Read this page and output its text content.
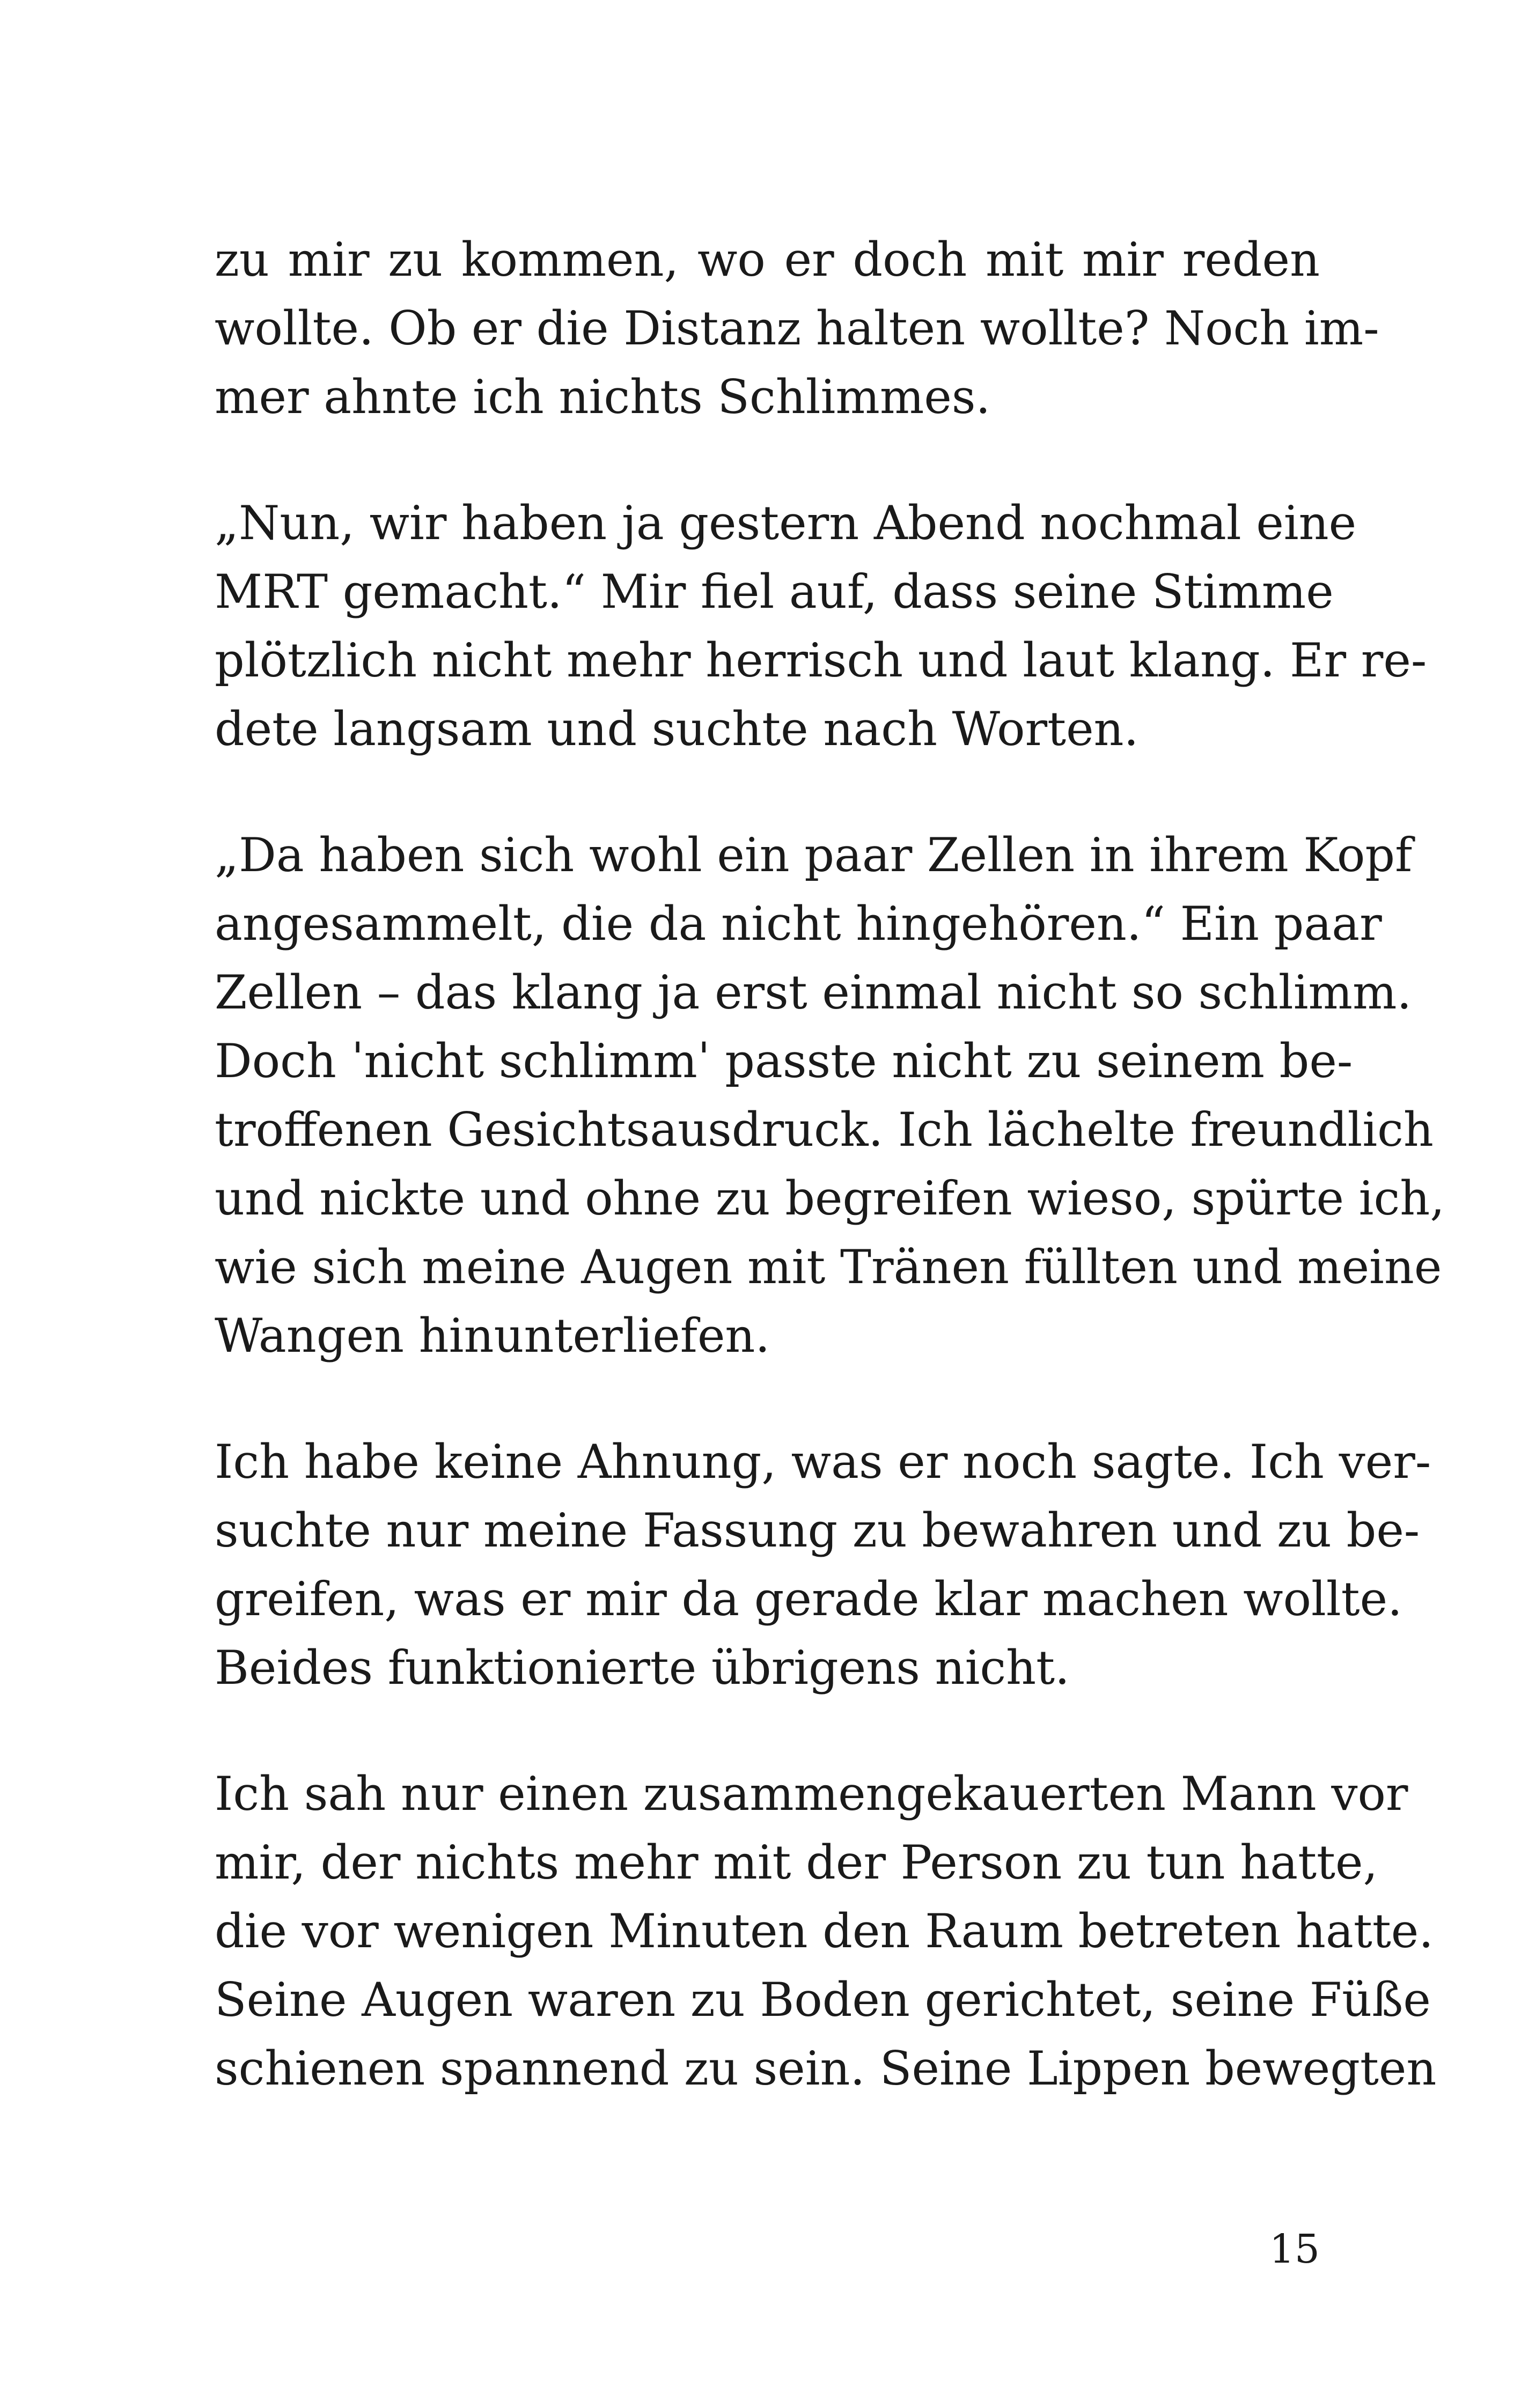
zu mir zu kommen, wo er doch mit mir reden
wollte. Ob er die Distanz halten wollte? Noch im-
mer ahnte ich nichts Schlimmes.
„Nun, wir haben ja gestern Abend nochmal eine
MRT gemacht.“ Mir fiel auf, dass seine Stimme
plötzlich nicht mehr herrisch und laut klang. Er re-
dete langsam und suchte nach Worten.
„Da haben sich wohl ein paar Zellen in ihrem Kopf
angesammelt, die da nicht hingehören.“ Ein paar
Zellen – das klang ja erst einmal nicht so schlimm.
Doch ˈnicht schlimmˈ passte nicht zu seinem be-
troffenen Gesichtsausdruck. Ich lächelte freundlich
und nickte und ohne zu begreifen wieso, spürte ich,
wie sich meine Augen mit Tränen füllten und meine
Wangen hinunterliefen.
Ich habe keine Ahnung, was er noch sagte. Ich ver-
suchte nur meine Fassung zu bewahren und zu be-
greifen, was er mir da gerade klar machen wollte.
Beides funktionierte übrigens nicht.
Ich sah nur einen zusammengekauerten Mann vor
mir, der nichts mehr mit der Person zu tun hatte,
die vor wenigen Minuten den Raum betreten hatte.
Seine Augen waren zu Boden gerichtet, seine Füße
schienen spannend zu sein. Seine Lippen bewegten
15
